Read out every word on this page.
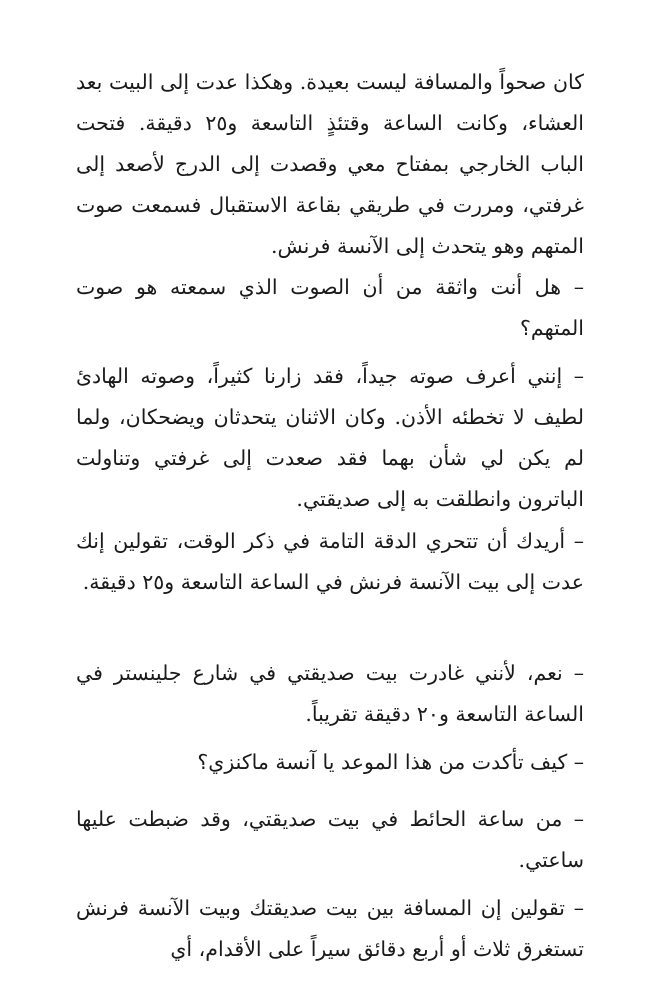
كان صحواً والمسافة ليست بعيدة. وهكذا عدت إلى البيت بعد العشاء، وكانت الساعة وقتئذٍ التاسعة و٢٥ دقيقة. فتحت الباب الخارجي بمفتاح معي وقصدت إلى الدرج لأصعد إلى غرفتي، ومررت في طريقي بقاعة الاستقبال فسمعت صوت المتهم وهو يتحدث إلى الآنسة فرنش.

– هل أنت واثقة من أن الصوت الذي سمعته هو صوت المتهم؟

– إنني أعرف صوته جيداً، فقد زارنا كثيراً، وصوته الهادئ لطيف لا تخطئه الأذن. وكان الاثنان يتحدثان ويضحكان، ولما لم يكن لي شأن بهما فقد صعدت إلى غرفتي وتناولت الباترون وانطلقت به إلى صديقتي.

– أريدك أن تتحري الدقة التامة في ذكر الوقت، تقولين إنك عدت إلى بيت الآنسة فرنش في الساعة التاسعة و٢٥ دقيقة.

– نعم، لأنني غادرت بيت صديقتي في شارع جلينستر في الساعة التاسعة و٢٠ دقيقة تقريباً.

– كيف تأكدت من هذا الموعد يا آنسة ماكنزي؟

– من ساعة الحائط في بيت صديقتي، وقد ضبطت عليها ساعتي.

– تقولين إن المسافة بين بيت صديقتك وبيت الآنسة فرنش تستغرق ثلاث أو أربع دقائق سيراً على الأقدام، أي
